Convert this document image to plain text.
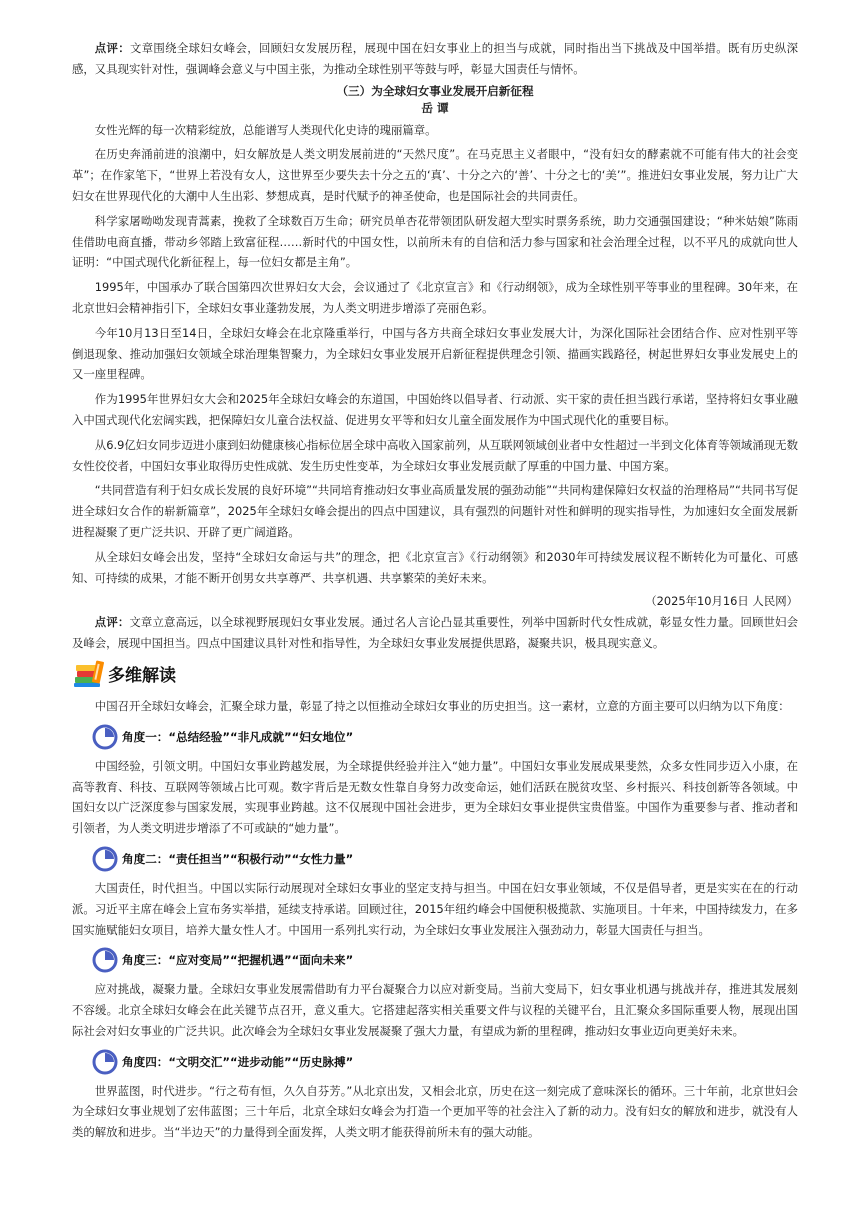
点评：文章围绕全球妇女峰会，回顾妇女发展历程，展现中国在妇女事业上的担当与成就，同时指出当下挑战及中国举措。既有历史纵深感，又具现实针对性，强调峰会意义与中国主张，为推动全球性别平等鼓与呼，彰显大国责任与情怀。

（三）为全球妇女事业发展开启新征程
岳 谭

女性光辉的每一次精彩绽放，总能谱写人类现代化史诗的瑰丽篇章。

在历史奔涌前进的浪潮中，妇女解放是人类文明发展前进的“天然尺度”。在马克思主义者眼中，“没有妇女的酵素就不可能有伟大的社会变革”；在作家笔下，“世界上若没有女人，这世界至少要失去十分之五的‘真’、十分之六的‘善’、十分之七的‘美’”。推进妇女事业发展，努力让广大妇女在世界现代化的大潮中人生出彩、梦想成真，是时代赋予的神圣使命，也是国际社会的共同责任。

科学家屠呦呦发现青蒿素，挽救了全球数百万生命；研究员单杏花带领团队研发超大型实时票务系统，助力交通强国建设；“种米姑娘”陈雨佳借助电商直播，带动乡邻踏上致富征程……新时代的中国女性，以前所未有的自信和活力参与国家和社会治理全过程，以不平凡的成就向世人证明：“中国式现代化新征程上，每一位妇女都是主角”。

1995年，中国承办了联合国第四次世界妇女大会，会议通过了《北京宣言》和《行动纲领》，成为全球性别平等事业的里程碑。30年来，在北京世妇会精神指引下，全球妇女事业蓬勃发展，为人类文明进步增添了亮丽色彩。

今年10月13日至14日，全球妇女峰会在北京隆重举行，中国与各方共商全球妇女事业发展大计，为深化国际社会团结合作、应对性别平等倒退现象、推动加强妇女领域全球治理集智聚力，为全球妇女事业发展开启新征程提供理念引领、描画实践路径，树起世界妇女事业发展史上的又一座里程碑。

作为1995年世界妇女大会和2025年全球妇女峰会的东道国，中国始终以倡导者、行动派、实干家的责任担当践行承诺，坚持将妇女事业融入中国式现代化宏阔实践，把保障妇女儿童合法权益、促进男女平等和妇女儿童全面发展作为中国式现代化的重要目标。

从6.9亿妇女同步迈进小康到妇幼健康核心指标位居全球中高收入国家前列，从互联网领域创业者中女性超过一半到文化体育等领域涌现无数女性佼佼者，中国妇女事业取得历史性成就、发生历史性变革，为全球妇女事业发展贡献了厚重的中国力量、中国方案。

“共同营造有利于妇女成长发展的良好环境”“共同培育推动妇女事业高质量发展的强劲动能”“共同构建保障妇女权益的治理格局”“共同书写促进全球妇女合作的崭新篇章”，2025年全球妇女峰会提出的四点中国建议，具有强烈的问题针对性和鲜明的现实指导性，为加速妇女全面发展新进程凝聚了更广泛共识、开辟了更广阔道路。

从全球妇女峰会出发，坚持“全球妇女命运与共”的理念，把《北京宣言》《行动纲领》和2030年可持续发展议程不断转化为可量化、可感知、可持续的成果，才能不断开创男女共享尊严、共享机遇、共享繁荣的美好未来。

（2025年10月16日 人民网）

点评：文章立意高远，以全球视野展现妇女事业发展。通过名人言论凸显其重要性，列举中国新时代女性成就，彰显女性力量。回顾世妇会及峰会，展现中国担当。四点中国建议具针对性和指导性，为全球妇女事业发展提供思路，凝聚共识，极具现实意义。

多维解读

中国召开全球妇女峰会，汇聚全球力量，彰显了持之以恒推动全球妇女事业的历史担当。这一素材，立意的方面主要可以归纳为以下角度：

角度一：“总结经验”“非凡成就”“妇女地位”

中国经验，引领文明。中国妇女事业跨越发展，为全球提供经验并注入“她力量”。中国妇女事业发展成果斐然，众多女性同步迈入小康，在高等教育、科技、互联网等领域占比可观。数字背后是无数女性靠自身努力改变命运，她们活跃在脱贫攻坚、乡村振兴、科技创新等各领域。中国妇女以广泛深度参与国家发展，实现事业跨越。这不仅展现中国社会进步，更为全球妇女事业提供宝贵借鉴。中国作为重要参与者、推动者和引领者，为人类文明进步增添了不可或缺的“她力量”。

角度二：“责任担当”“积极行动”“女性力量”

大国责任，时代担当。中国以实际行动展现对全球妇女事业的坚定支持与担当。中国在妇女事业领域，不仅是倡导者，更是实实在在的行动派。习近平主席在峰会上宣布务实举措，延续支持承诺。回顾过往，2015年纽约峰会中国便积极揽款、实施项目。十年来，中国持续发力，在多国实施赋能妇女项目，培养大量女性人才。中国用一系列扎实行动，为全球妇女事业发展注入强劲动力，彰显大国责任与担当。

角度三：“应对变局”“把握机遇”“面向未来”

应对挑战，凝聚力量。全球妇女事业发展需借助有力平台凝聚合力以应对新变局。当前大变局下，妇女事业机遇与挑战并存，推进其发展刻不容缓。北京全球妇女峰会在此关键节点召开，意义重大。它搭建起落实相关重要文件与议程的关键平台，且汇聚众多国际重要人物，展现出国际社会对妇女事业的广泛共识。此次峰会为全球妇女事业发展凝聚了强大力量，有望成为新的里程碑，推动妇女事业迈向更美好未来。

角度四：“文明交汇”“进步动能”“历史脉搏”

世界蓝图，时代进步。“行之苟有恒，久久自芬芳。”从北京出发，又相会北京，历史在这一刻完成了意味深长的循环。三十年前，北京世妇会为全球妇女事业规划了宏伟蓝图；三十年后，北京全球妇女峰会为打造一个更加平等的社会注入了新的动力。没有妇女的解放和进步，就没有人类的解放和进步。当“半边天”的力量得到全面发挥，人类文明才能获得前所未有的强大动能。
